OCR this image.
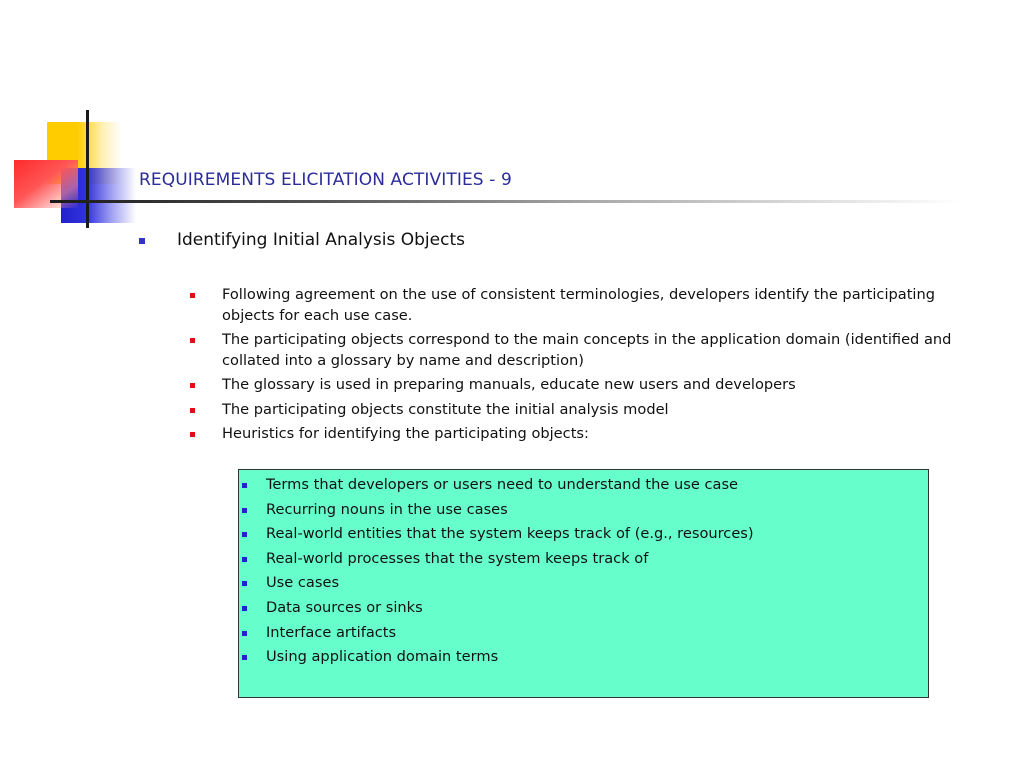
REQUIREMENTS ELICITATION ACTIVITIES - 9
Identifying Initial Analysis Objects
Following agreement on the use of consistent terminologies, developers identify the participating objects for each use case.
The participating objects correspond to the main concepts in the application domain (identified and collated into a glossary by name and description)
The glossary is used in preparing manuals, educate new users and developers
The participating objects constitute the initial analysis model
Heuristics for identifying the participating objects:
Terms that developers or users need to understand the use case
Recurring nouns in the use cases
Real-world entities that the system keeps track of (e.g., resources)
Real-world processes that the system keeps track of
Use cases
Data sources or sinks
Interface artifacts
Using application domain terms
